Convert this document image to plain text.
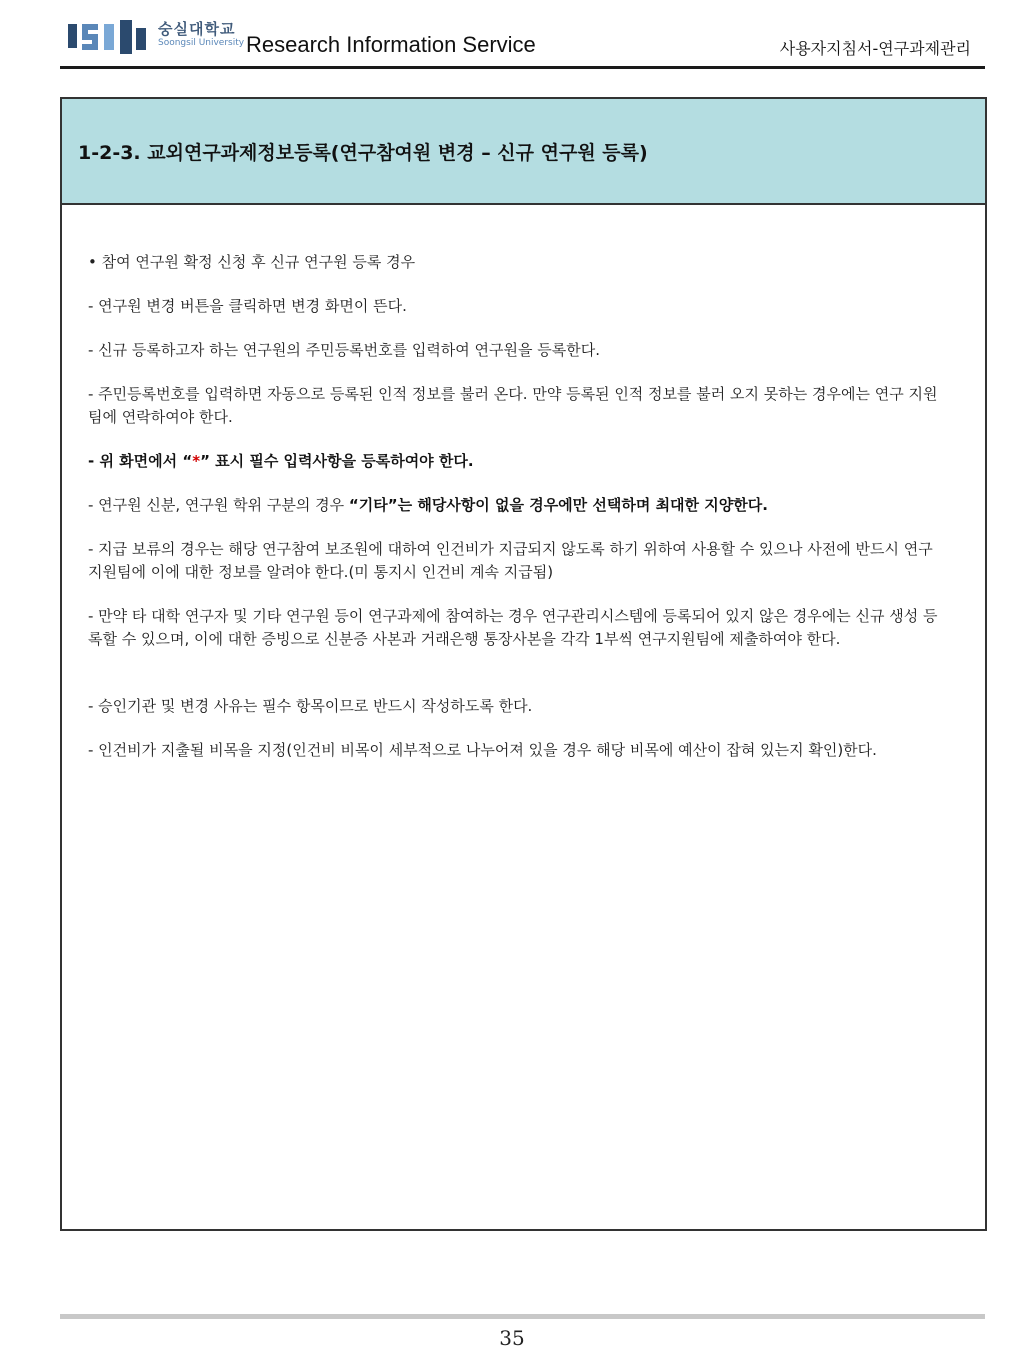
숭실대학교
Soongsil University Research Information Service	사용자지침서-연구과제관리
1-2-3. 교외연구과제정보등록(연구참여원 변경 – 신규 연구원 등록)

• 참여 연구원 확정 신청 후 신규 연구원 등록 경우

- 연구원 변경 버튼을 클릭하면 변경 화면이 뜬다.

- 신규 등록하고자 하는 연구원의 주민등록번호를 입력하여 연구원을 등록한다.

- 주민등록번호를 입력하면 자동으로 등록된 인적 정보를 불러 온다. 만약 등록된 인적 정보를 불러 오지 못하는 경우에는 연구 지원팀에 연락하여야 한다.

- 위 화면에서 “*” 표시 필수 입력사항을 등록하여야 한다.

- 연구원 신분, 연구원 학위 구분의 경우 “기타”는 해당사항이 없을 경우에만 선택하며 최대한 지양한다.

- 지급 보류의 경우는 해당 연구참여 보조원에 대하여 인건비가 지급되지 않도록 하기 위하여 사용할 수 있으나 사전에 반드시 연구지원팀에 이에 대한 정보를 알려야 한다.(미 통지시 인건비 계속 지급됨)

- 만약 타 대학 연구자 및 기타 연구원 등이 연구과제에 참여하는 경우 연구관리시스템에 등록되어 있지 않은 경우에는 신규 생성 등록할 수 있으며, 이에 대한 증빙으로 신분증 사본과 거래은행 통장사본을 각각 1부씩 연구지원팀에 제출하여야 한다.

- 승인기관 및 변경 사유는 필수 항목이므로 반드시 작성하도록 한다.

- 인건비가 지출될 비목을 지정(인건비 비목이 세부적으로 나누어져 있을 경우 해당 비목에 예산이 잡혀 있는지 확인)한다.

35
